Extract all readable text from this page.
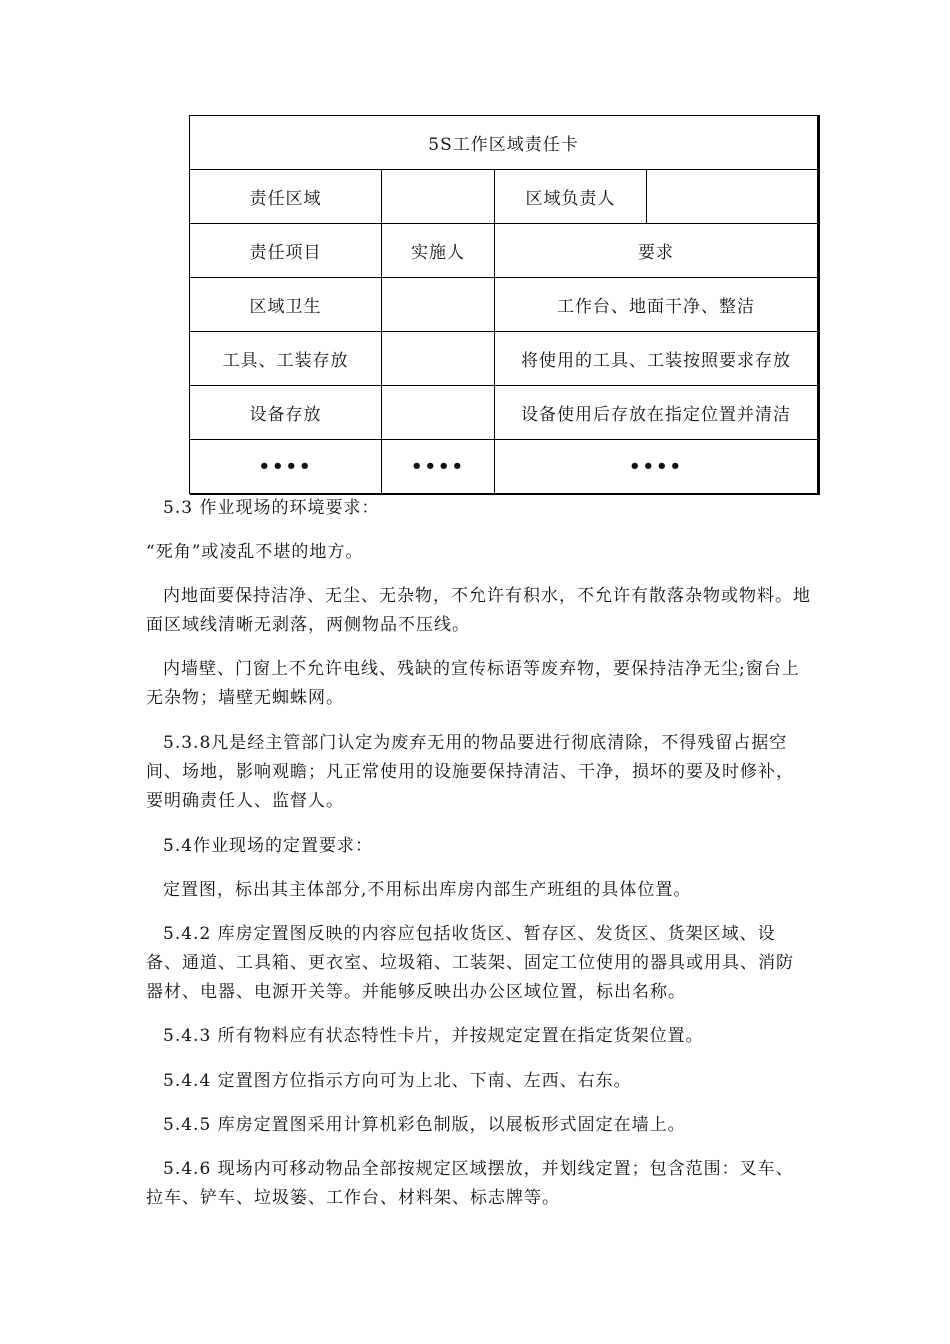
5S工作区域责任卡			
责任区域		区域负责人	
责任项目	实施人	要求	
区域卫生		工作台、地面干净、整洁	
工具、工装存放		将使用的工具、工装按照要求存放	
设备存放		设备使用后存放在指定位置并清洁	
••••	••••	••••	

5.3 作业现场的环境要求：

“死角”或凌乱不堪的地方。

内地面要保持洁净、无尘、无杂物，不允许有积水，不允许有散落杂物或物料。地面区域线清晰无剥落，两侧物品不压线。

内墙壁、门窗上不允许电线、残缺的宣传标语等废弃物，要保持洁净无尘;窗台上无杂物；墙壁无蜘蛛网。

5.3.8凡是经主管部门认定为废弃无用的物品要进行彻底清除，不得残留占据空间、场地，影响观瞻；凡正常使用的设施要保持清洁、干净，损坏的要及时修补，要明确责任人、监督人。

5.4作业现场的定置要求：

定置图，标出其主体部分,不用标出库房内部生产班组的具体位置。

5.4.2 库房定置图反映的内容应包括收货区、暂存区、发货区、货架区域、设备、通道、工具箱、更衣室、垃圾箱、工装架、固定工位使用的器具或用具、消防器材、电器、电源开关等。并能够反映出办公区域位置，标出名称。

5.4.3 所有物料应有状态特性卡片，并按规定定置在指定货架位置。

5.4.4 定置图方位指示方向可为上北、下南、左西、右东。

5.4.5 库房定置图采用计算机彩色制版，以展板形式固定在墙上。

5.4.6 现场内可移动物品全部按规定区域摆放，并划线定置；包含范围：叉车、拉车、铲车、垃圾篓、工作台、材料架、标志牌等。
